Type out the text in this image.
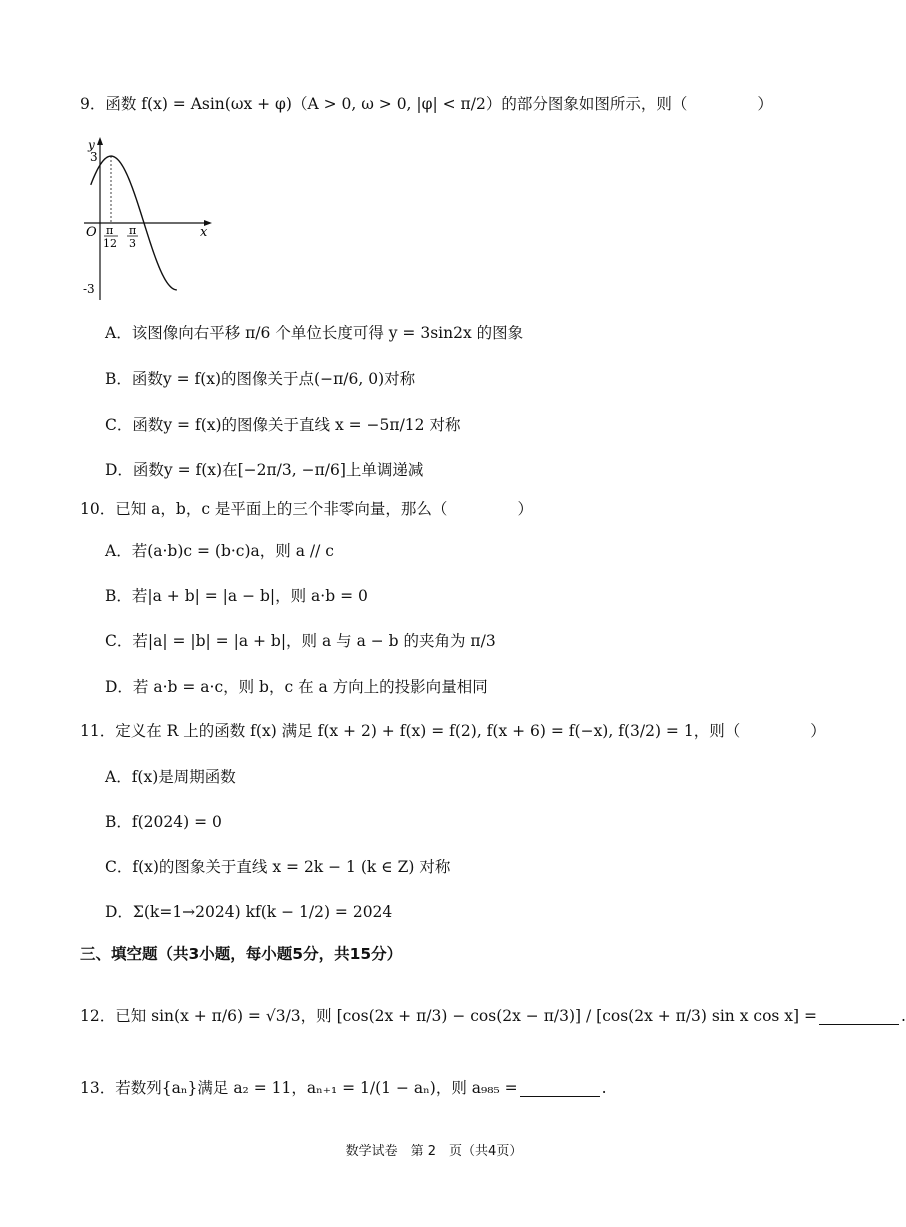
9．函数 f(x) = Asin(ωx + φ)（A > 0, ω > 0, |φ| < π/2）的部分图象如图所示，则（	）
y
3
-3
O	x
π
12
π
3
A．该图像向右平移 π/6 个单位长度可得 y = 3sin2x 的图象
B．函数y = f(x)的图像关于点(−π/6, 0)对称
C．函数y = f(x)的图像关于直线 x = −5π/12 对称
D．函数y = f(x)在[−2π/3, −π/6]上单调递减
10．已知 a，b，c 是平面上的三个非零向量，那么（	）
A．若(a·b)c = (b·c)a，则 a // c
B．若|a + b| = |a − b|，则 a·b = 0
C．若|a| = |b| = |a + b|，则 a 与 a − b 的夹角为 π/3
D．若 a·b = a·c，则 b，c 在 a 方向上的投影向量相同
11．定义在 R 上的函数 f(x) 满足 f(x + 2) + f(x) = f(2), f(x + 6) = f(−x), f(3/2) = 1，则（	）
A．f(x)是周期函数
B．f(2024) = 0
C．f(x)的图象关于直线 x = 2k − 1 (k ∈ Z) 对称
D．Σ(k=1→2024) kf(k − 1/2) = 2024
三、填空题（共3小题，每小题5分，共15分）
12．已知 sin(x + π/6) = √3/3，则 [cos(2x + π/3) − cos(2x − π/3)] / [cos(2x + π/3) sin x cos x] =	.
13．若数列{aₙ}满足 a₂ = 11，aₙ₊₁ = 1/(1 − aₙ)，则 a₉₈₅ =	.
数学试卷　第 2　页（共4页）
